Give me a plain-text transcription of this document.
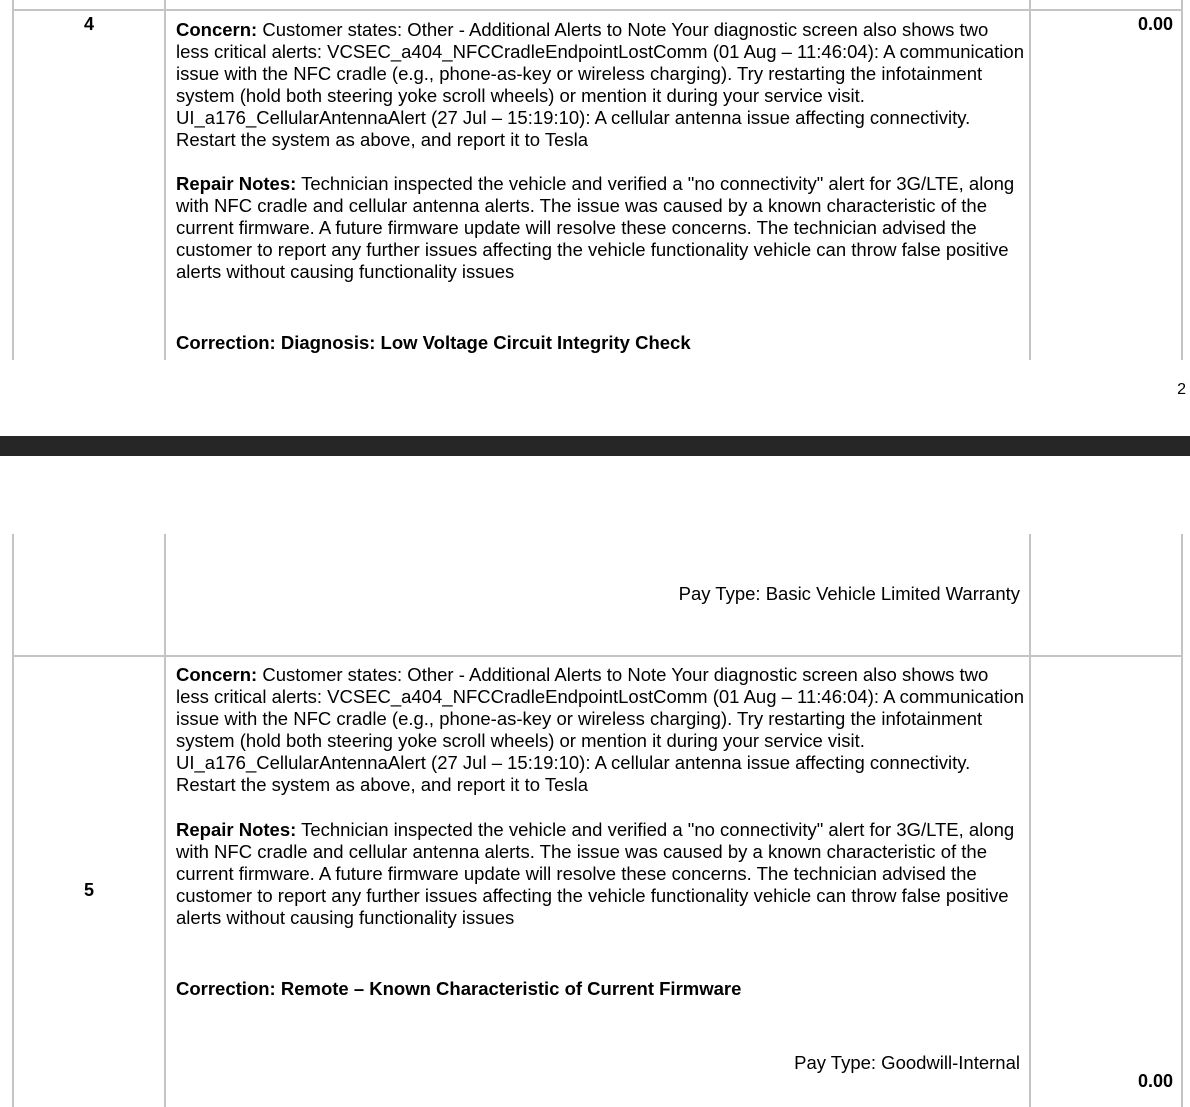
4	0.00
Concern: Customer states: Other - Additional Alerts to Note Your diagnostic screen also shows two less critical alerts: VCSEC_a404_NFCCradleEndpointLostComm (01 Aug – 11:46:04): A communication issue with the NFC cradle (e.g., phone-as-key or wireless charging). Try restarting the infotainment system (hold both steering yoke scroll wheels) or mention it during your service visit. UI_a176_CellularAntennaAlert (27 Jul – 15:19:10): A cellular antenna issue affecting connectivity. Restart the system as above, and report it to Tesla
Repair Notes: Technician inspected the vehicle and verified a "no connectivity" alert for 3G/LTE, along with NFC cradle and cellular antenna alerts. The issue was caused by a known characteristic of the current firmware. A future firmware update will resolve these concerns. The technician advised the customer to report any further issues affecting the vehicle functionality vehicle can throw false positive alerts without causing functionality issues
Correction: Diagnosis: Low Voltage Circuit Integrity Check
2
Pay Type: Basic Vehicle Limited Warranty
5
Concern: Customer states: Other - Additional Alerts to Note Your diagnostic screen also shows two less critical alerts: VCSEC_a404_NFCCradleEndpointLostComm (01 Aug – 11:46:04): A communication issue with the NFC cradle (e.g., phone-as-key or wireless charging). Try restarting the infotainment system (hold both steering yoke scroll wheels) or mention it during your service visit. UI_a176_CellularAntennaAlert (27 Jul – 15:19:10): A cellular antenna issue affecting connectivity. Restart the system as above, and report it to Tesla
Repair Notes: Technician inspected the vehicle and verified a "no connectivity" alert for 3G/LTE, along with NFC cradle and cellular antenna alerts. The issue was caused by a known characteristic of the current firmware. A future firmware update will resolve these concerns. The technician advised the customer to report any further issues affecting the vehicle functionality vehicle can throw false positive alerts without causing functionality issues
Correction: Remote – Known Characteristic of Current Firmware
Pay Type: Goodwill-Internal
0.00
